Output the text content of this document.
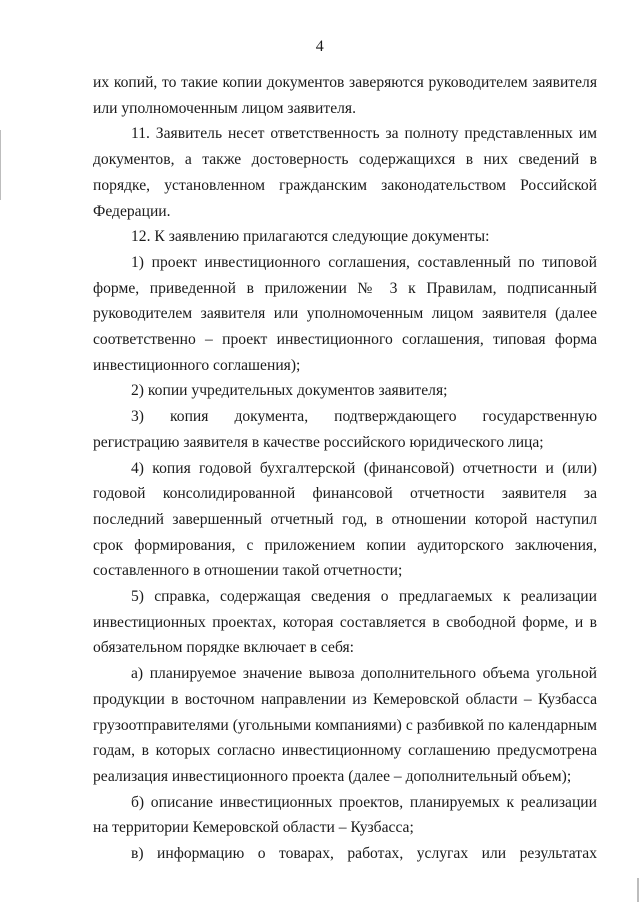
4

их копий, то такие копии документов заверяются руководителем заявителя или уполномоченным лицом заявителя.

11. Заявитель несет ответственность за полноту представленных им документов, а также достоверность содержащихся в них сведений в порядке, установленном гражданским законодательством Российской Федерации.

12. К заявлению прилагаются следующие документы:

1) проект инвестиционного соглашения, составленный по типовой форме, приведенной в приложении № 3 к Правилам, подписанный руководителем заявителя или уполномоченным лицом заявителя (далее соответственно – проект инвестиционного соглашения, типовая форма инвестиционного соглашения);

2) копии учредительных документов заявителя;

3) копия документа, подтверждающего государственную регистрацию заявителя в качестве российского юридического лица;

4) копия годовой бухгалтерской (финансовой) отчетности и (или) годовой консолидированной финансовой отчетности заявителя за последний завершенный отчетный год, в отношении которой наступил срок формирования, с приложением копии аудиторского заключения, составленного в отношении такой отчетности;

5) справка, содержащая сведения о предлагаемых к реализации инвестиционных проектах, которая составляется в свободной форме, и в обязательном порядке включает в себя:

а) планируемое значение вывоза дополнительного объема угольной продукции в восточном направлении из Кемеровской области – Кузбасса грузоотправителями (угольными компаниями) с разбивкой по календарным годам, в которых согласно инвестиционному соглашению предусмотрена реализация инвестиционного проекта (далее – дополнительный объем);

б) описание инвестиционных проектов, планируемых к реализации на территории Кемеровской области – Кузбасса;

в) информацию о товарах, работах, услугах или результатах
